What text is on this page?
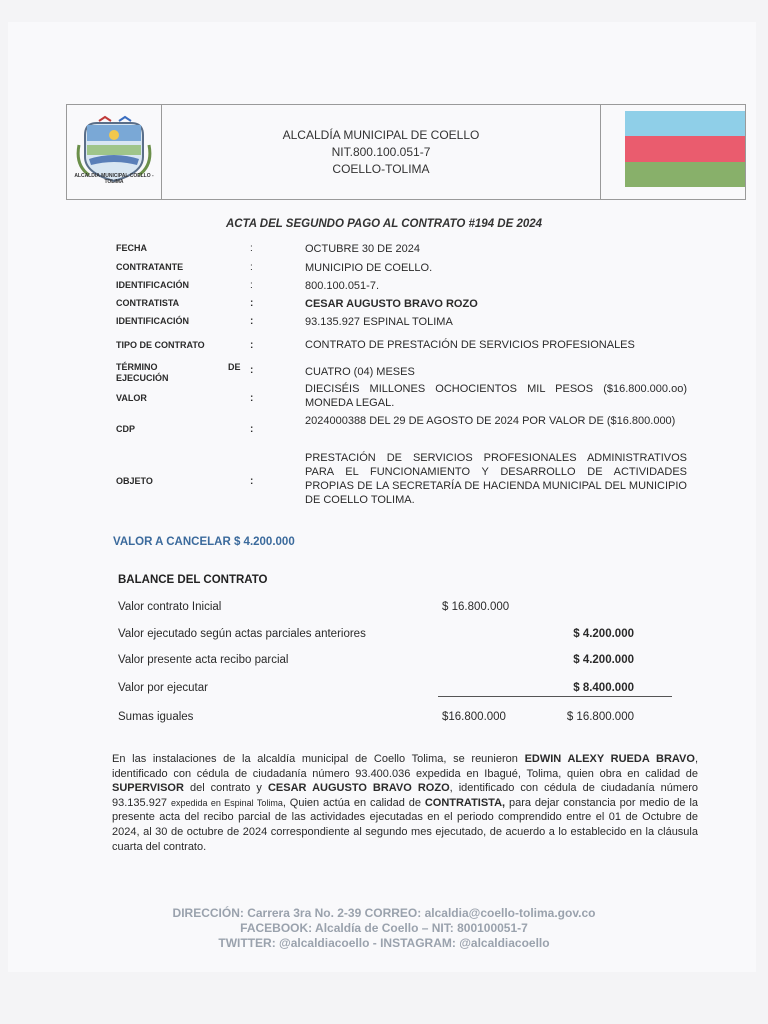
ALCALDIA MUNICIPAL COELLO - TOLIMA
ALCALDÍA MUNICIPAL DE COELLO
NIT.800.100.051-7
COELLO-TOLIMA
ACTA DEL SEGUNDO PAGO AL CONTRATO #194 DE 2024
FECHA	:	OCTUBRE 30 DE 2024
CONTRATANTE	:	MUNICIPIO DE COELLO.
IDENTIFICACIÓN	:	800.100.051-7.
CONTRATISTA	:	CESAR AUGUSTO BRAVO ROZO
IDENTIFICACIÓN	:	93.135.927 ESPINAL TOLIMA
TIPO DE CONTRATO	:	CONTRATO DE PRESTACIÓN DE SERVICIOS PROFESIONALES
TÉRMINO	DE
EJECUCIÓN
:	CUATRO (04) MESES
VALOR	:
DIECISÉIS MILLONES OCHOCIENTOS MIL PESOS ($16.800.000.oo) MONEDA LEGAL.
CDP	:
2024000388 DEL 29 DE AGOSTO DE 2024 POR VALOR DE ($16.800.000)
OBJETO	:
PRESTACIÓN DE SERVICIOS PROFESIONALES ADMINISTRATIVOS PARA EL FUNCIONAMIENTO Y DESARROLLO DE ACTIVIDADES PROPIAS DE LA SECRETARÍA DE HACIENDA MUNICIPAL DEL MUNICIPIO DE COELLO TOLIMA.
VALOR A CANCELAR $ 4.200.000
BALANCE DEL CONTRATO
Valor contrato Inicial	$ 16.800.000
Valor ejecutado según actas parciales anteriores	$ 4.200.000
Valor presente acta recibo parcial	$ 4.200.000
Valor por ejecutar	$ 8.400.000
Sumas iguales	$16.800.000	$ 16.800.000
En las instalaciones de la alcaldía municipal de Coello Tolima, se reunieron EDWIN ALEXY RUEDA BRAVO, identificado con cédula de ciudadanía número 93.400.036 expedida en Ibagué, Tolima, quien obra en calidad de SUPERVISOR del contrato y CESAR AUGUSTO BRAVO ROZO, identificado con cédula de ciudadanía número 93.135.927 expedida en Espinal Tolima, Quien actúa en calidad de CONTRATISTA, para dejar constancia por medio de la presente acta del recibo parcial de las actividades ejecutadas en el periodo comprendido entre el 01 de Octubre de 2024, al 30 de octubre de 2024 correspondiente al segundo mes ejecutado, de acuerdo a lo establecido en la cláusula cuarta del contrato.
DIRECCIÓN: Carrera 3ra No. 2-39 CORREO: alcaldia@coello-tolima.gov.co
FACEBOOK: Alcaldía de Coello – NIT: 800100051-7
TWITTER: @alcaldiacoello - INSTAGRAM: @alcaldiacoello
